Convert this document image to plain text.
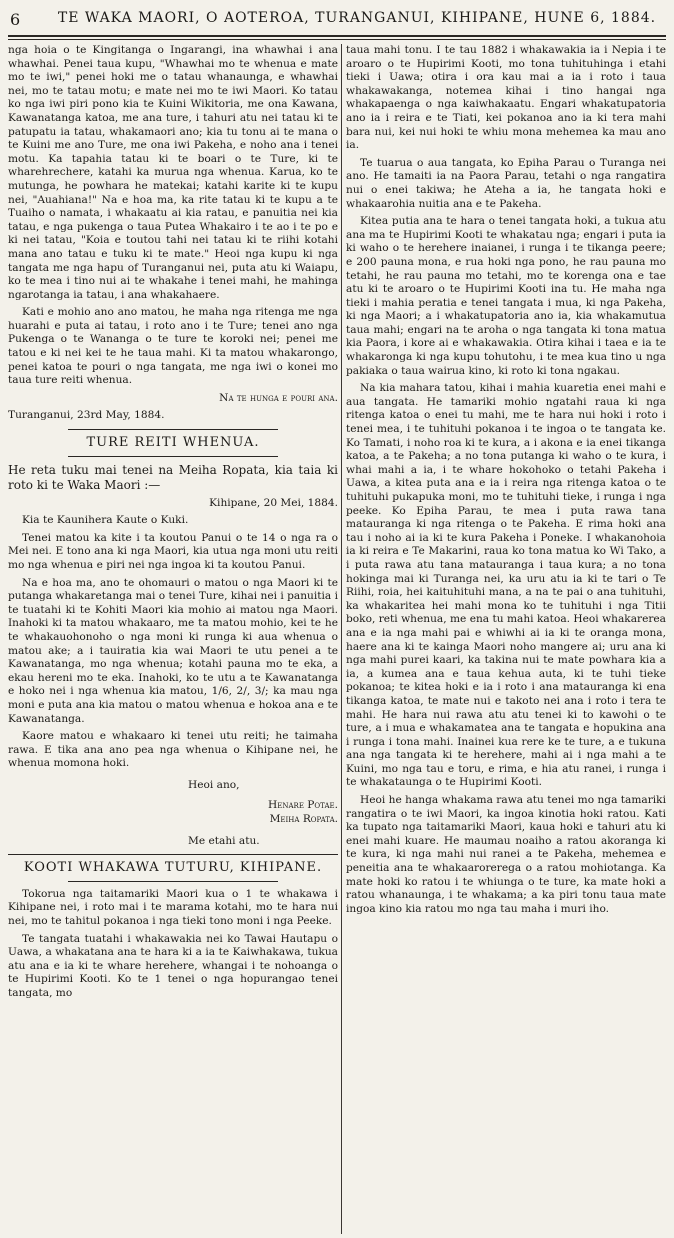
6	TE WAKA MAORI, O AOTEROA, TURANGANUI, KIHIPANE, HUNE 6, 1884.

nga hoia o te Kingitanga o Ingarangi, ina whawhai i ana whawhai. Penei taua kupu, "Whawhai mo te whenua e mate mo te iwi," penei hoki me o tatau whanaunga, e whawhai nei, mo te tatau motu; e mate nei mo te iwi Maori. Ko tatau ko nga iwi piri pono kia te Kuini Wikitoria, me ona Kawana, Kawanatanga katoa, me ana ture, i tahuri atu nei tatau ki te patupatu ia tatau, whakamaori ano; kia tu tonu ai te mana o te Kuini me ano Ture, me ona iwi Pakeha, e noho ana i tenei motu. Ka tapahia tatau ki te boari o te Ture, ki te wharehrechere, katahi ka murua nga whenua. Karua, ko te mutunga, he powhara he matekai; katahi karite ki te kupu nei, "Auahiana!" Na e hoa ma, ka rite tatau ki te kupu a te Tuaiho o namata, i whakaatu ai kia ratau, e panuitia nei kia tatau, e nga pukenga o taua Putea Whakairo i te ao i te po e ki nei tatau, "Koia e toutou tahi nei tatau ki te riihi kotahi mana ano tatau e tuku ki te mate." Heoi nga kupu ki nga tangata me nga hapu of Turanganui nei, puta atu ki Waiapu, ko te mea i tino nui ai te whakahe i tenei mahi, he mahinga ngarotanga ia tatau, i ana whakahaere.

Kati e mohio ano ano matou, he maha nga ritenga me nga huarahi e puta ai tatau, i roto ano i te Ture; tenei ano nga Pukenga o te Wananga o te ture te koroki nei; penei me tatou e ki nei kei te he taua mahi. Ki ta matou whakarongo, penei katoa te pouri o nga tangata, me nga iwi o konei mo taua ture reiti whenua.

Na te hunga e pouri ana.

Turanganui, 23rd May, 1884.

TURE REITI WHENUA.

He reta tuku mai tenei na Meiha Ropata, kia taia ki roto ki te Waka Maori :—

Kihipane, 20 Mei, 1884.

Kia te Kaunihera Kaute o Kuki.

Tenei matou ka kite i ta koutou Panui o te 14 o nga ra o Mei nei. E tono ana ki nga Maori, kia utua nga moni utu reiti mo nga whenua e piri nei nga ingoa ki ta koutou Panui.

Na e hoa ma, ano te ohomauri o matou o nga Maori ki te putanga whakaretanga mai o tenei Ture, kihai nei i panuitia i te tuatahi ki te Kohiti Maori kia mohio ai matou nga Maori. Inahoki ki ta matou whakaaro, me ta matou mohio, kei te he te whakauohonoho o nga moni ki runga ki aua whenua o matou ake; a i tauiratia kia wai Maori te utu penei a te Kawanatanga, mo nga whenua; kotahi pauna mo te eka, a ekau hereni mo te eka. Inahoki, ko te utu a te Kawanatanga e hoko nei i nga whenua kia matou, 1/6, 2/, 3/; ka mau nga moni e puta ana kia matou o matou whenua e hokoa ana e te Kawanatanga.

Kaore matou e whakaaro ki tenei utu reiti; he taimaha rawa. E tika ana ano pea nga whenua o Kihipane nei, he whenua momona hoki.

Heoi ano,

Henare Potae.
Meiha Ropata.

Me etahi atu.

KOOTI WHAKAWA TUTURU, KIHIPANE.

Tokorua nga taitamariki Maori kua o 1 te whakawa i Kihipane nei, i roto mai i te marama kotahi, mo te hara nui nei, mo te tahitul pokanoa i nga tieki tono moni i nga Peeke.

Te tangata tuatahi i whakawakia nei ko Tawai Hautapu o Uawa, a whakatana ana te hara ki a ia te Kaiwhakawa, tukua atu ana e ia ki te whare herehere, whangai i te nohoanga o te Hupirimi Kooti. Ko te 1 tenei o nga hopurangao tenei tangata, mo

taua mahi tonu. I te tau 1882 i whakawakia ia i Nepia i te aroaro o te Hupirimi Kooti, mo tona tuhituhinga i etahi tieki i Uawa; otira i ora kau mai a ia i roto i taua whakawakanga, notemea kihai i tino hangai nga whakapaenga o nga kaiwhakaatu. Engari whakatupatoria ano ia i reira e te Tiati, kei pokanoa ano ia ki tera mahi bara nui, kei nui hoki te whiu mona mehemea ka mau ano ia.

Te tuarua o aua tangata, ko Epiha Parau o Turanga nei ano. He tamaiti ia na Paora Parau, tetahi o nga rangatira nui o enei takiwa; he Ateha a ia, he tangata hoki e whakaarohia nuitia ana e te Pakeha.

Kitea putia ana te hara o tenei tangata hoki, a tukua atu ana ma te Hupirimi Kooti te whakatau nga; engari i puta ia ki waho o te herehere inaianei, i runga i te tikanga peere; e 200 pauna mona, e rua hoki nga pono, he rau pauna mo tetahi, he rau pauna mo tetahi, mo te korenga ona e tae atu ki te aroaro o te Hupirimi Kooti ina tu. He maha nga tieki i mahia peratia e tenei tangata i mua, ki nga Pakeha, ki nga Maori; a i whakatupatoria ano ia, kia whakamutua taua mahi; engari na te aroha o nga tangata ki tona matua kia Paora, i kore ai e whakawakia. Otira kihai i taea e ia te whakaronga ki nga kupu tohutohu, i te mea kua tino u nga pakiaka o taua wairua kino, ki roto ki tona ngakau.

Na kia mahara tatou, kihai i mahia kuaretia enei mahi e aua tangata. He tamariki mohio ngatahi raua ki nga ritenga katoa o enei tu mahi, me te hara nui hoki i roto i tenei mea, i te tuhituhi pokanoa i te ingoa o te tangata ke. Ko Tamati, i noho roa ki te kura, a i akona e ia enei tikanga katoa, a te Pakeha; a no tona putanga ki waho o te kura, i whai mahi a ia, i te whare hokohoko o tetahi Pakeha i Uawa, a kitea puta ana e ia i reira nga ritenga katoa o te tuhituhi pukapuka moni, mo te tuhituhi tieke, i runga i nga peeke. Ko Epiha Parau, te mea i puta rawa tana matauranga ki nga ritenga o te Pakeha. E rima hoki ana tau i noho ai ia ki te kura Pakeha i Poneke. I whakanohoia ia ki reira e Te Makarini, raua ko tona matua ko Wi Tako, a i puta rawa atu tana matauranga i taua kura; a no tona hokinga mai ki Turanga nei, ka uru atu ia ki te tari o Te Riihi, roia, hei kaituhituhi mana, a na te pai o ana tuhituhi, ka whakaritea hei mahi mona ko te tuhituhi i nga Titii boko, reti whenua, me ena tu mahi katoa. Heoi whakarerea ana e ia nga mahi pai e whiwhi ai ia ki te oranga mona, haere ana ki te kainga Maori noho mangere ai; uru ana ki nga mahi purei kaari, ka takina nui te mate powhara kia a ia, a kumea ana e taua kehua auta, ki te tuhi tieke pokanoa; te kitea hoki e ia i roto i ana matauranga ki ena tikanga katoa, te mate nui e takoto nei ana i roto i tera te mahi. He hara nui rawa atu atu tenei ki to kawohi o te ture, a i mua e whakamatea ana te tangata e hopukina ana i runga i tona mahi. Inainei kua rere ke te ture, a e tukuna ana nga tangata ki te herehere, mahi ai i nga mahi a te Kuini, mo nga tau e toru, e rima, e hia atu ranei, i runga i te whakataunga o te Hupirimi Kooti.

Heoi he hanga whakama rawa atu tenei mo nga tamariki rangatira o te iwi Maori, ka ingoa kinotia hoki ratou. Kati ka tupato nga taitamariki Maori, kaua hoki e tahuri atu ki enei mahi kuare. He maumau noaiho a ratou akoranga ki te kura, ki nga mahi nui ranei a te Pakeha, mehemea e peneitia ana te whakaarorerega o a ratou mohiotanga. Ka mate hoki ko ratou i te whiunga o te ture, ka mate hoki a ratou whanaunga, i te whakama; a ka piri tonu taua mate ingoa kino kia ratou mo nga tau maha i muri iho.
